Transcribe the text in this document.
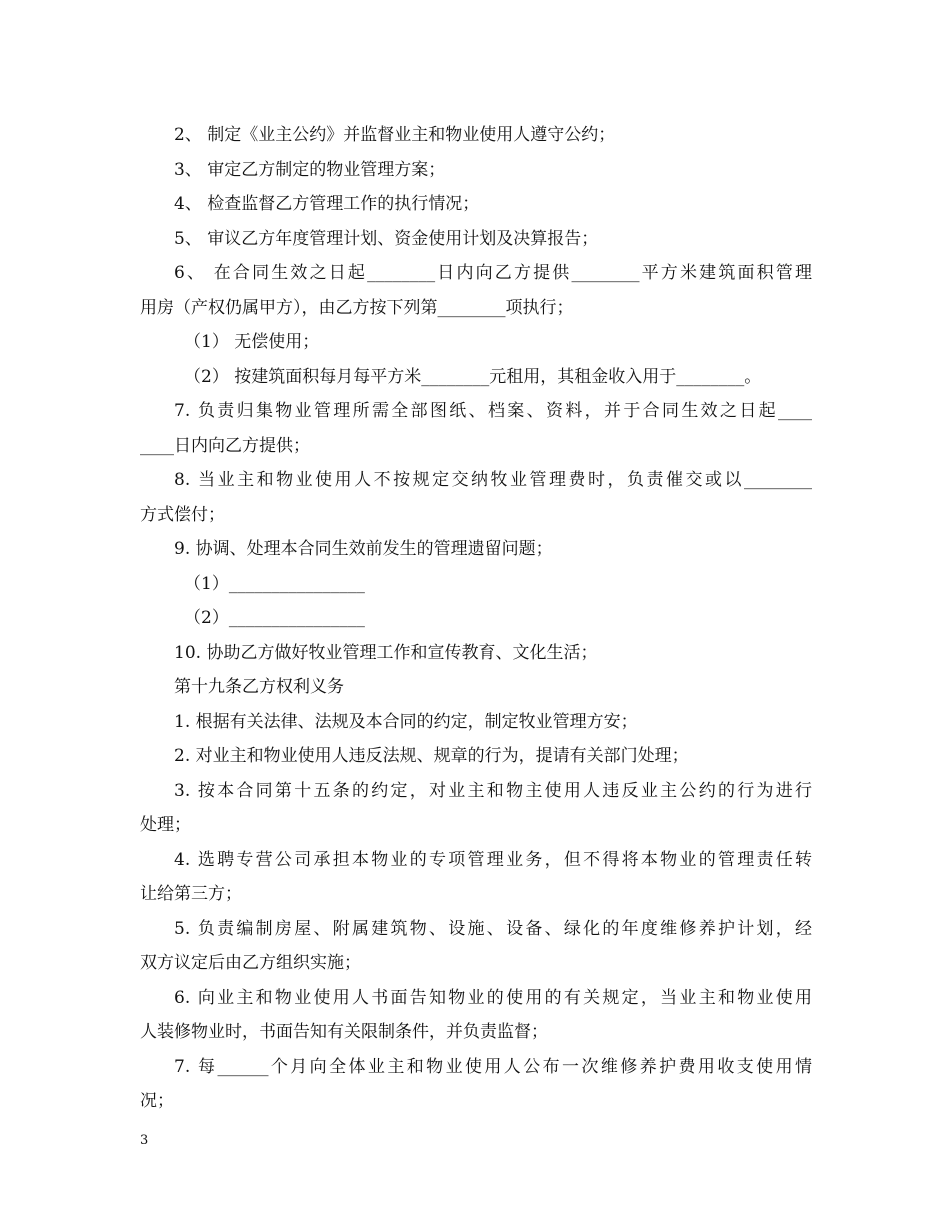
2、 制定《业主公约》并监督业主和物业使用人遵守公约；
3、 审定乙方制定的物业管理方案；
4、 检查监督乙方管理工作的执行情况；
5、 审议乙方年度管理计划、资金使用计划及决算报告；
6、 在合同生效之日起________日内向乙方提供________平方米建筑面积管理
用房（产权仍属甲方），由乙方按下列第________项执行；
（1） 无偿使用；
（2） 按建筑面积每月每平方米________元租用，其租金收入用于________。
7. 负责归集物业管理所需全部图纸、档案、资料，并于合同生效之日起____
____日内向乙方提供；
8. 当业主和物业使用人不按规定交纳牧业管理费时，负责催交或以________
方式偿付；
9. 协调、处理本合同生效前发生的管理遗留问题；
（1）________________
（2）________________
10. 协助乙方做好牧业管理工作和宣传教育、文化生活；
第十九条乙方权利义务
1. 根据有关法律、法规及本合同的约定，制定牧业管理方安；
2. 对业主和物业使用人违反法规、规章的行为，提请有关部门处理；
3. 按本合同第十五条的约定，对业主和物主使用人违反业主公约的行为进行
处理；
4. 选聘专营公司承担本物业的专项管理业务，但不得将本物业的管理责任转
让给第三方；
5. 负责编制房屋、附属建筑物、设施、设备、绿化的年度维修养护计划，经
双方议定后由乙方组织实施；
6. 向业主和物业使用人书面告知物业的使用的有关规定，当业主和物业使用
人装修物业时，书面告知有关限制条件，并负责监督；
7. 每______个月向全体业主和物业使用人公布一次维修养护费用收支使用情
况；
3
